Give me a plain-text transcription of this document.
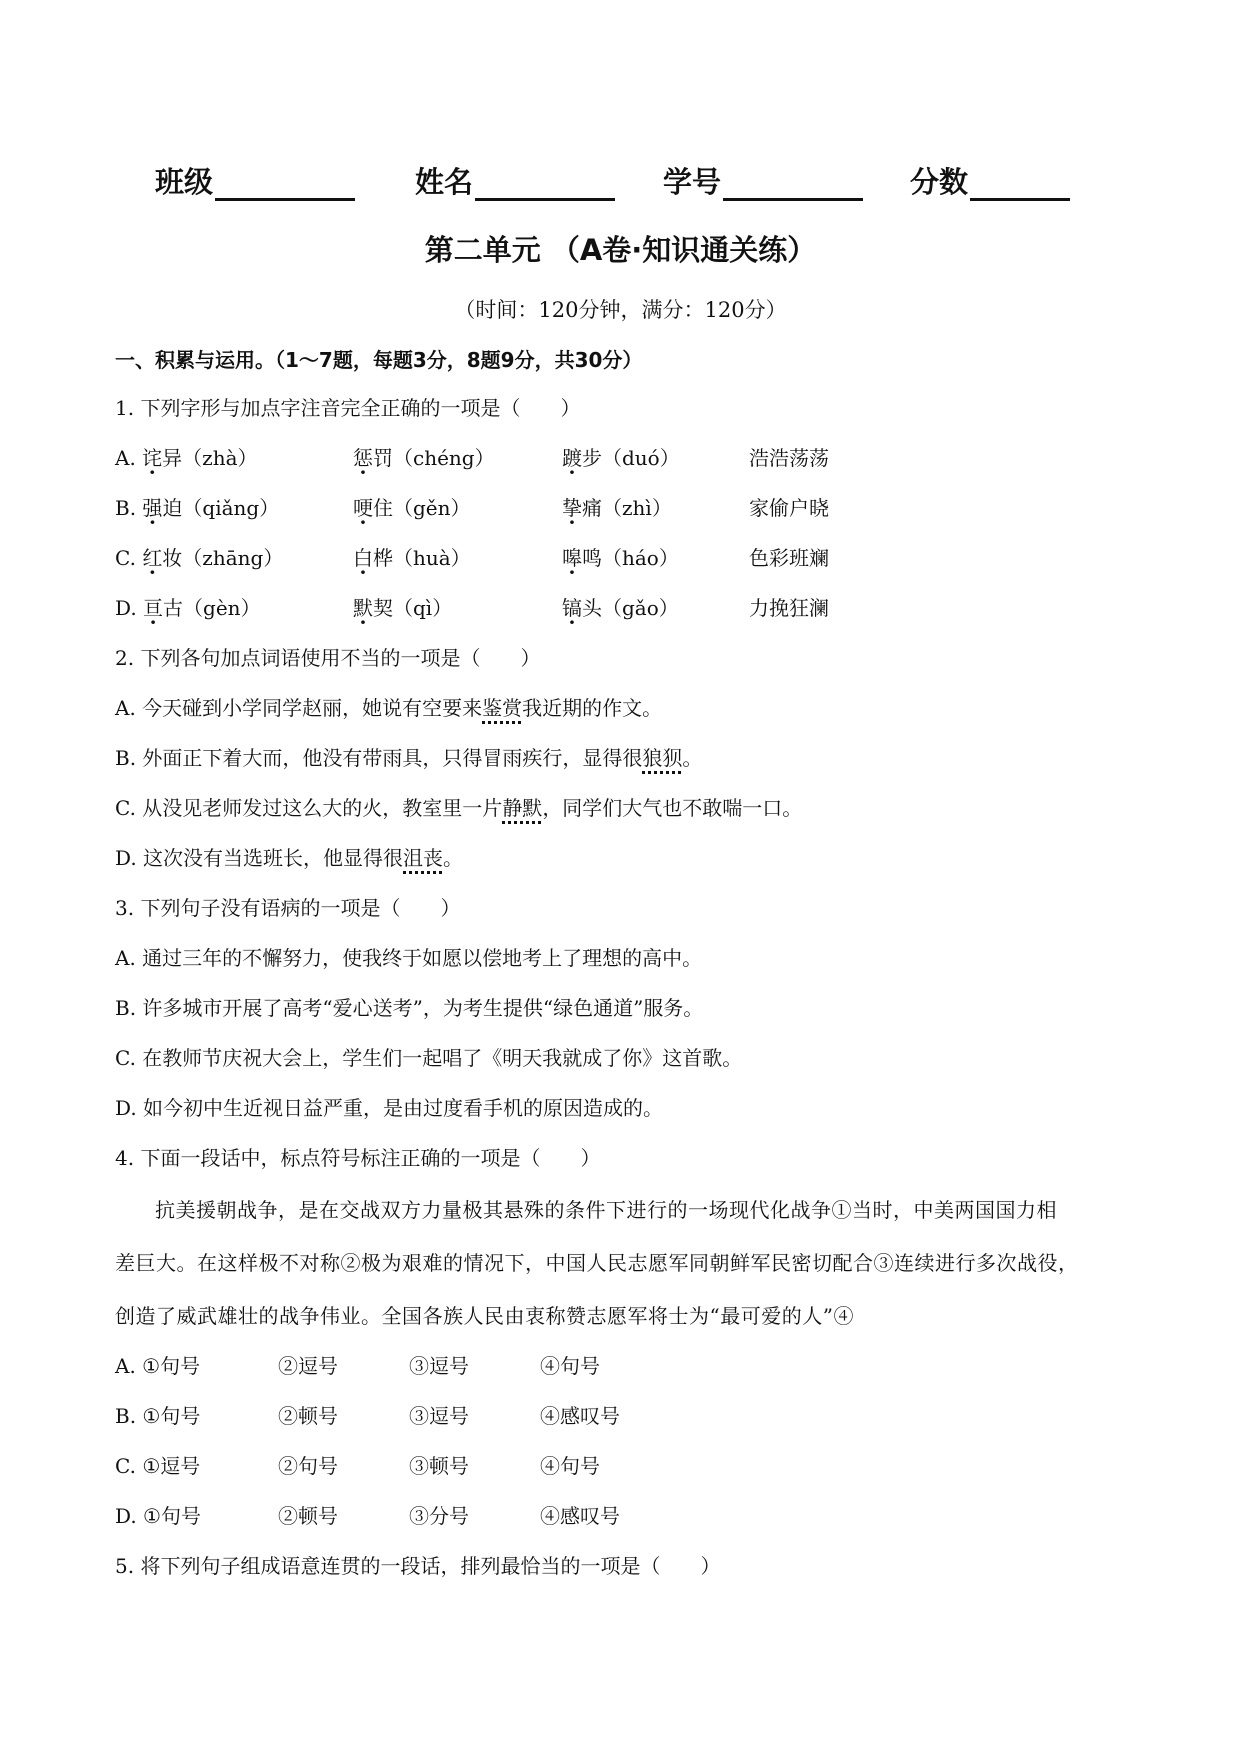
班级	姓名	学号	分数
第二单元 （A卷·知识通关练）
（时间：120分钟，满分：120分）
一、积累与运用。（1～7题，每题3分，8题9分，共30分）
1. 下列字形与加点字注音完全正确的一项是（　　）
A. 诧异（zhà）	惩罚（chéng）	踱步（duó）	浩浩荡荡
B. 强迫（qiǎng）	哽住（gěn）	挚痛（zhì）	家偷户晓
C. 红妆（zhāng）	白桦（huà）	嗥鸣（háo）	色彩班斓
D. 亘古（gèn）	默契（qì）	镐头（gǎo）	力挽狂澜
2. 下列各句加点词语使用不当的一项是（　　）
A. 今天碰到小学同学赵丽，她说有空要来鉴赏我近期的作文。
B. 外面正下着大而，他没有带雨具，只得冒雨疾行，显得很狼狈。
C. 从没见老师发过这么大的火，教室里一片静默，同学们大气也不敢喘一口。
D. 这次没有当选班长，他显得很沮丧。
3. 下列句子没有语病的一项是（　　）
A. 通过三年的不懈努力，使我终于如愿以偿地考上了理想的高中。
B. 许多城市开展了高考“爱心送考”，为考生提供“绿色通道”服务。
C. 在教师节庆祝大会上，学生们一起唱了《明天我就成了你》这首歌。
D. 如今初中生近视日益严重，是由过度看手机的原因造成的。
4. 下面一段话中，标点符号标注正确的一项是（　　）
抗美援朝战争，是在交战双方力量极其悬殊的条件下进行的一场现代化战争①当时，中美两国国力相
差巨大。在这样极不对称②极为艰难的情况下，中国人民志愿军同朝鲜军民密切配合③连续进行多次战役，
创造了威武雄壮的战争伟业。全国各族人民由衷称赞志愿军将士为“最可爱的人”④
A. ①句号	②逗号	③逗号	④句号
B. ①句号	②顿号	③逗号	④感叹号
C. ①逗号	②句号	③顿号	④句号
D. ①句号	②顿号	③分号	④感叹号
5. 将下列句子组成语意连贯的一段话，排列最恰当的一项是（　　）
